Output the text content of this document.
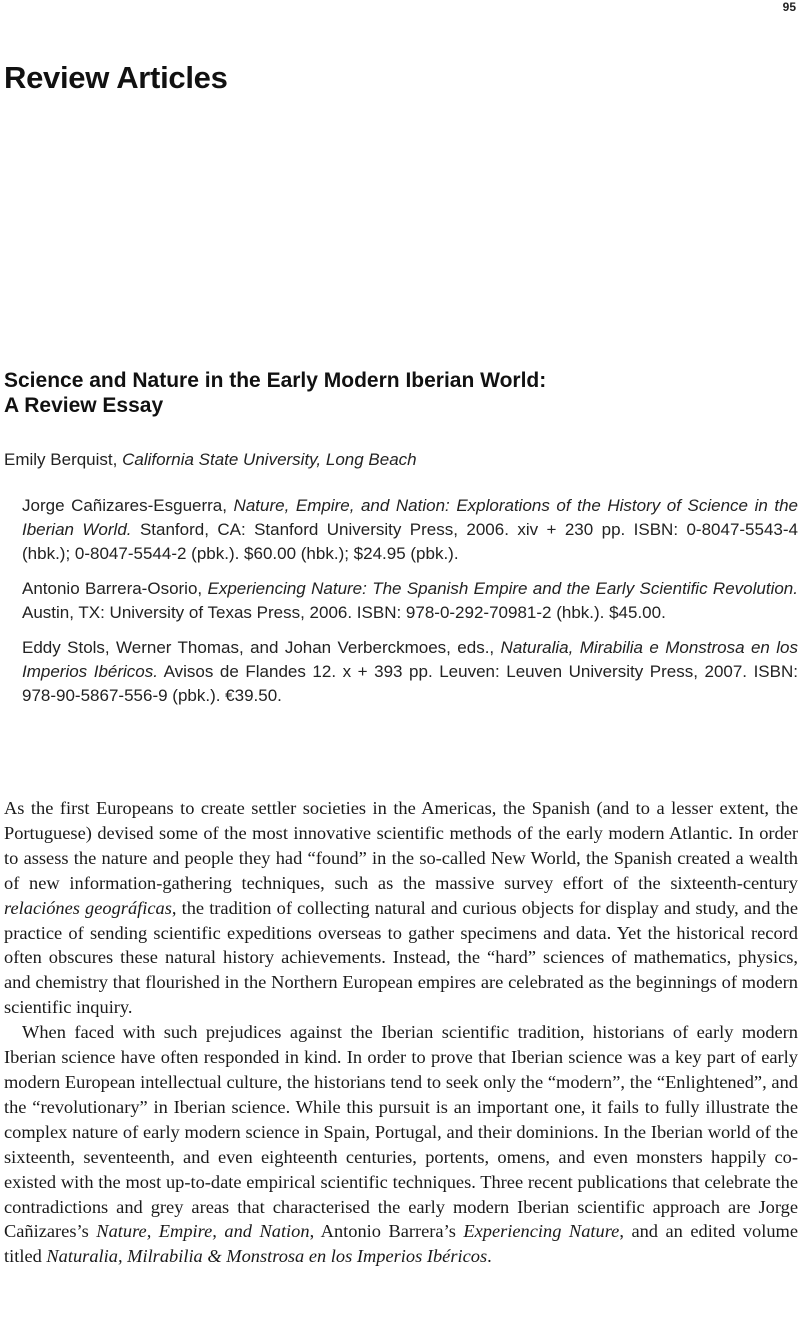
95
Review Articles
Science and Nature in the Early Modern Iberian World:
A Review Essay
Emily Berquist, California State University, Long Beach

Jorge Cañizares-Esguerra, Nature, Empire, and Nation: Explorations of the History of Science in the Iberian World. Stanford, CA: Stanford University Press, 2006. xiv + 230 pp. ISBN: 0-8047-5543-4 (hbk.); 0-8047-5544-2 (pbk.). $60.00 (hbk.); $24.95 (pbk.).

Antonio Barrera-Osorio, Experiencing Nature: The Spanish Empire and the Early Scientific Revolution. Austin, TX: University of Texas Press, 2006. ISBN: 978-0-292-70981-2 (hbk.). $45.00.

Eddy Stols, Werner Thomas, and Johan Verberckmoes, eds., Naturalia, Mirabilia e Monstrosa en los Imperios Ibéricos. Avisos de Flandes 12. x + 393 pp. Leuven: Leuven University Press, 2007. ISBN: 978-90-5867-556-9 (pbk.). €39.50.

As the first Europeans to create settler societies in the Americas, the Spanish (and to a lesser extent, the Portuguese) devised some of the most innovative scientific methods of the early modern Atlantic. In order to assess the nature and people they had “found” in the so-called New World, the Spanish created a wealth of new information-gathering techniques, such as the massive survey effort of the sixteenth-century relaciónes geográficas, the tradition of collecting natural and curious objects for display and study, and the practice of sending scientific expeditions overseas to gather specimens and data. Yet the historical record often obscures these natural history achievements. Instead, the “hard” sciences of mathematics, physics, and chemistry that flourished in the Northern European empires are celebrated as the beginnings of modern scientific inquiry.

When faced with such prejudices against the Iberian scientific tradition, historians of early modern Iberian science have often responded in kind. In order to prove that Iberian science was a key part of early modern European intellectual culture, the historians tend to seek only the “modern”, the “Enlightened”, and the “revolutionary” in Iberian science. While this pursuit is an important one, it fails to fully illustrate the complex nature of early modern science in Spain, Portugal, and their dominions. In the Iberian world of the sixteenth, seventeenth, and even eighteenth centuries, portents, omens, and even monsters happily co-existed with the most up-to-date empirical scientific techniques. Three recent publications that celebrate the contradictions and grey areas that characterised the early modern Iberian scientific approach are Jorge Cañizares’s Nature, Empire, and Nation, Antonio Barrera’s Experiencing Nature, and an edited volume titled Naturalia, Milrabilia & Monstrosa en los Imperios Ibéricos.
